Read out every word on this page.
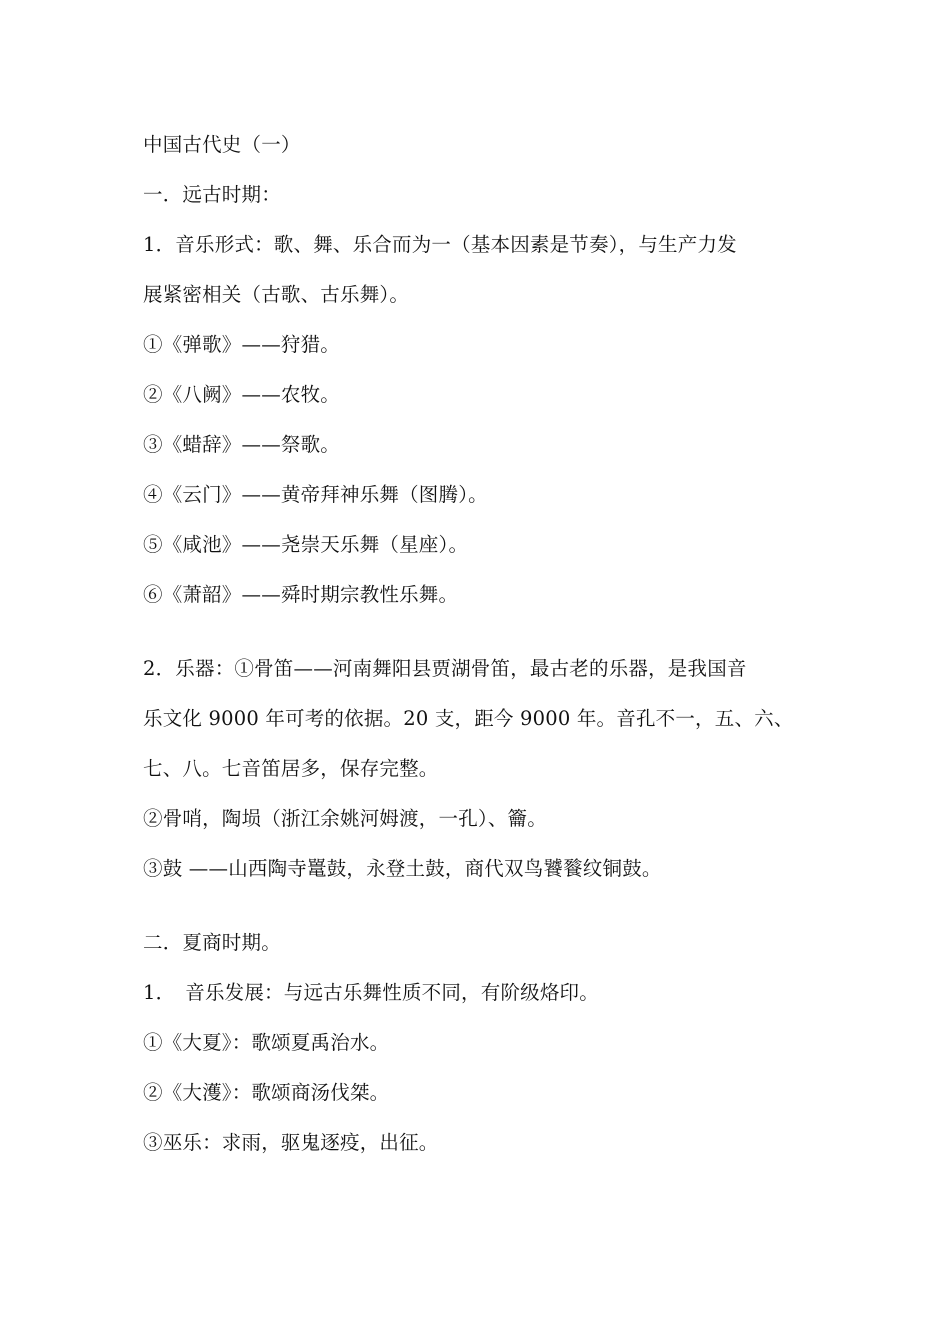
中国古代史（一）
一．远古时期：
1．音乐形式：歌、舞、乐合而为一（基本因素是节奏），与生产力发
展紧密相关（古歌、古乐舞）。
①《弹歌》——狩猎。
②《八阙》——农牧。
③《蜡辞》——祭歌。
④《云门》——黄帝拜神乐舞（图腾）。
⑤《咸池》——尧崇天乐舞（星座）。
⑥《萧韶》——舜时期宗教性乐舞。
2．乐器：①骨笛——河南舞阳县贾湖骨笛，最古老的乐器，是我国音
乐文化 9000 年可考的依据。20 支，距今 9000 年。音孔不一，五、六、
七、八。七音笛居多，保存完整。
②骨哨，陶埙（浙江余姚河姆渡，一孔）、籥。
③鼓 ——山西陶寺鼍鼓，永登土鼓，商代双鸟饕餮纹铜鼓。
二．夏商时期。
1．　音乐发展：与远古乐舞性质不同，有阶级烙印。
①《大夏》：歌颂夏禹治水。
②《大濩》：歌颂商汤伐桀。
③巫乐：求雨，驱鬼逐疫，出征。
